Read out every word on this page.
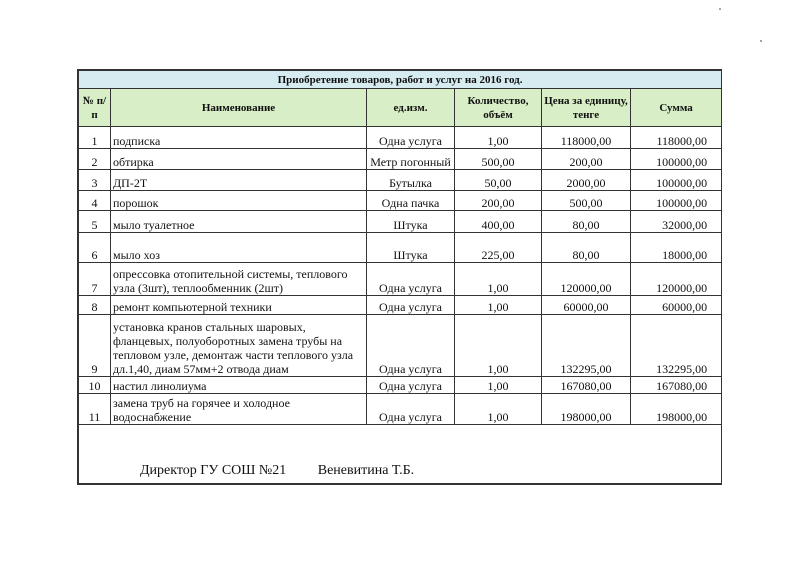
Приобретение товаров, работ и услуг на 2016 год.					
№ п/п	Наименование	ед.изм.	Количество, объём	Цена за единицу, тенге	Сумма
1	подписка	Одна услуга	1,00	118000,00	118000,00
2	обтирка	Метр погонный	500,00	200,00	100000,00
3	ДП-2Т	Бутылка	50,00	2000,00	100000,00
4	порошок	Одна пачка	200,00	500,00	100000,00
5	мыло туалетное	Штука	400,00	80,00	32000,00
6	мыло хоз	Штука	225,00	80,00	18000,00
7	опрессовка отопительной системы, теплового узла (3шт), теплообменник (2шт)	Одна услуга	1,00	120000,00	120000,00
8	ремонт компьютерной техники	Одна услуга	1,00	60000,00	60000,00
9	установка кранов стальных шаровых, фланцевых, полуоборотных замена трубы на тепловом узле, демонтаж части теплового узла дл.1,40, диам 57мм+2 отвода диам	Одна услуга	1,00	132295,00	132295,00
10	настил линолиума	Одна услуга	1,00	167080,00	167080,00
11	замена труб на горячее и холодное водоснабжение	Одна услуга	1,00	198000,00	198000,00

Директор ГУ СОШ №21         Веневитина Т.Б.
